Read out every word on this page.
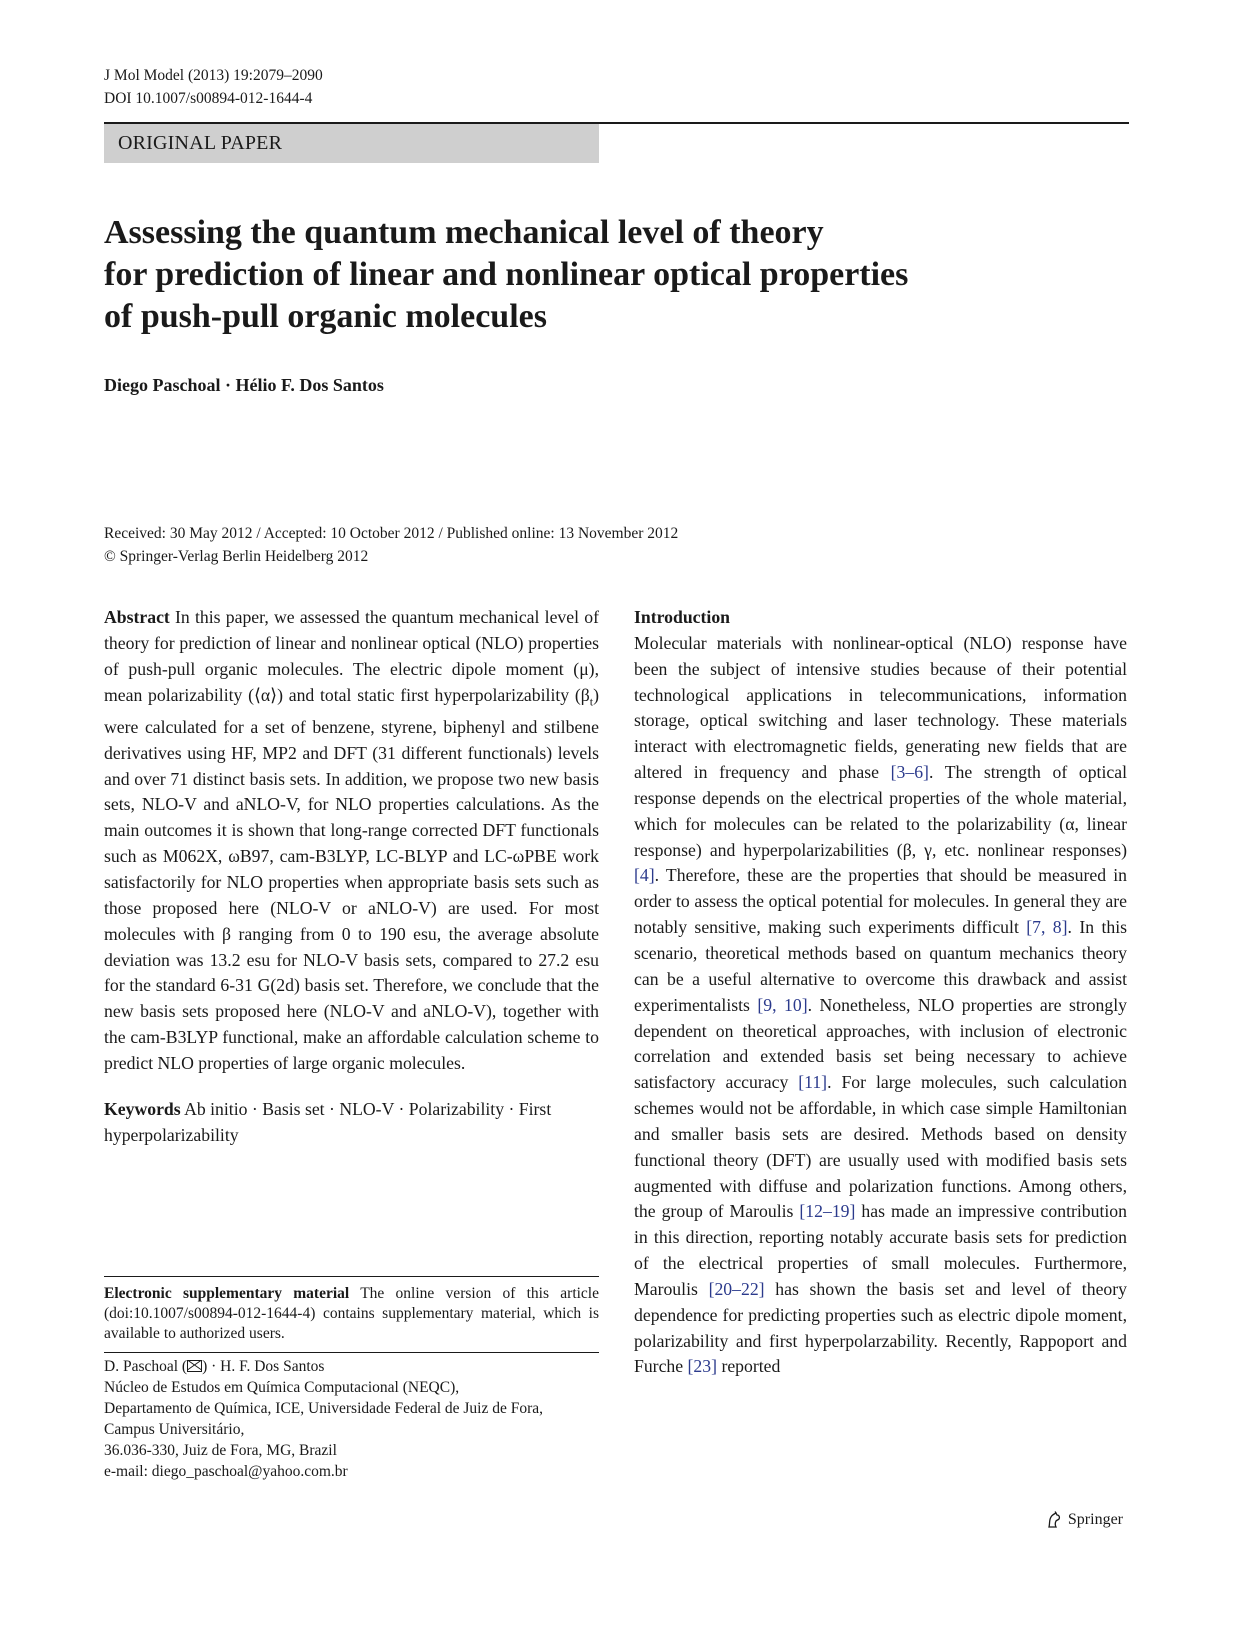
J Mol Model (2013) 19:2079–2090
DOI 10.1007/s00894-012-1644-4
ORIGINAL PAPER
Assessing the quantum mechanical level of theory
for prediction of linear and nonlinear optical properties
of push-pull organic molecules
Diego Paschoal · Hélio F. Dos Santos
Received: 30 May 2012 / Accepted: 10 October 2012 / Published online: 13 November 2012
© Springer-Verlag Berlin Heidelberg 2012

Abstract In this paper, we assessed the quantum mechanical level of theory for prediction of linear and nonlinear optical (NLO) properties of push-pull organic molecules. The electric dipole moment (μ), mean polarizability (⟨α⟩) and total static first hyperpolarizability $(\beta_t)$ were calculated for a set of benzene, styrene, biphenyl and stilbene derivatives using HF, MP2 and DFT (31 different functionals) levels and over 71 distinct basis sets. In addition, we propose two new basis sets, NLO-V and aNLO-V, for NLO properties calculations. As the main outcomes it is shown that long-range corrected DFT functionals such as M062X, ωB97, cam-B3LYP, LC-BLYP and LC-ωPBE work satisfactorily for NLO properties when appropriate basis sets such as those proposed here (NLO-V or aNLO-V) are used. For most molecules with β ranging from 0 to 190 esu, the average absolute deviation was 13.2 esu for NLO-V basis sets, compared to 27.2 esu for the standard 6-31 G(2d) basis set. Therefore, we conclude that the new basis sets proposed here (NLO-V and aNLO-V), together with the cam-B3LYP functional, make an affordable calculation scheme to predict NLO properties of large organic molecules.

Keywords Ab initio · Basis set · NLO-V · Polarizability · First hyperpolarizability

Electronic supplementary material The online version of this article (doi:10.1007/s00894-012-1644-4) contains supplementary material, which is available to authorized users.
D. Paschoal ( ) · H. F. Dos Santos
Núcleo de Estudos em Química Computacional (NEQC),
Departamento de Química, ICE, Universidade Federal de Juiz de Fora,
Campus Universitário,
36.036-330, Juiz de Fora, MG, Brazil
e-mail: diego_paschoal@yahoo.com.br

Introduction

Molecular materials with nonlinear-optical (NLO) response have been the subject of intensive studies because of their potential technological applications in telecommunications, information storage, optical switching and laser technology. These materials interact with electromagnetic fields, generating new fields that are altered in frequency and phase [3–6]. The strength of optical response depends on the electrical properties of the whole material, which for molecules can be related to the polarizability (α, linear response) and hyperpolarizabilities (β, γ, etc. nonlinear responses) [4]. Therefore, these are the properties that should be measured in order to assess the optical potential for molecules. In general they are notably sensitive, making such experiments difficult [7, 8]. In this scenario, theoretical methods based on quantum mechanics theory can be a useful alternative to overcome this drawback and assist experimentalists [9, 10]. Nonetheless, NLO properties are strongly dependent on theoretical approaches, with inclusion of electronic correlation and extended basis set being necessary to achieve satisfactory accuracy [11]. For large molecules, such calculation schemes would not be affordable, in which case simple Hamiltonian and smaller basis sets are desired. Methods based on density functional theory (DFT) are usually used with modified basis sets augmented with diffuse and polarization functions. Among others, the group of Maroulis [12–19] has made an impressive contribution in this direction, reporting notably accurate basis sets for prediction of the electrical properties of small molecules. Furthermore, Maroulis [20–22] has shown the basis set and level of theory dependence for predicting properties such as electric dipole moment, polarizability and first hyperpolarzability. Recently, Rappoport and Furche [23] reported

Springer
